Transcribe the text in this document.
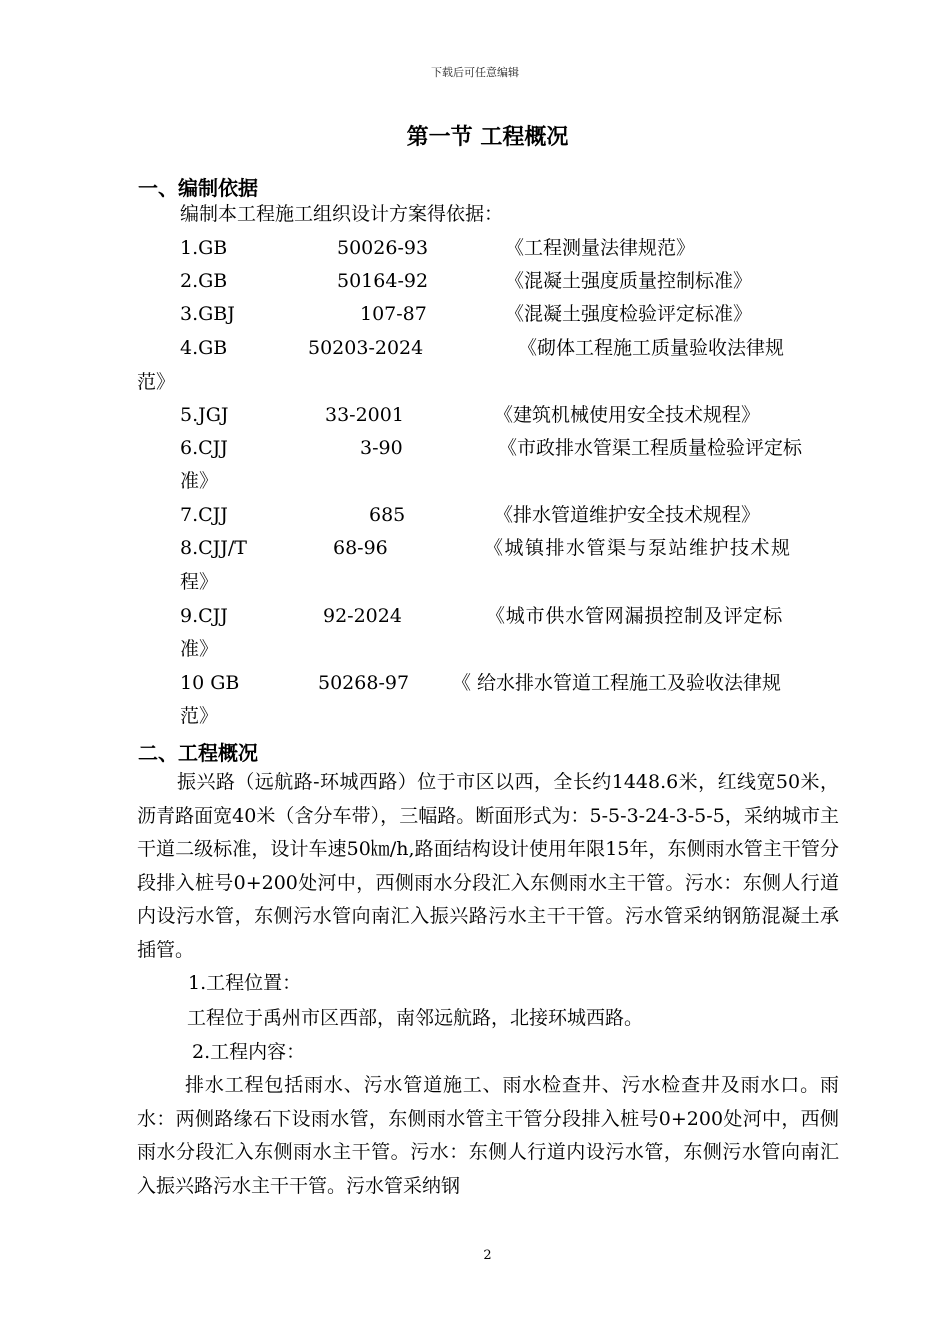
下载后可任意编辑
第一节 工程概况
一、编制依据
编制本工程施工组织设计方案得依据：
1.GB	50026-93	《工程测量法律规范》
2.GB	50164-92	《混凝土强度质量控制标准》
3.GBJ	107-87	《混凝土强度检验评定标准》
4.GB	50203-2024	《砌体工程施工质量验收法律规
范》
5.JGJ	33-2001	《建筑机械使用安全技术规程》
6.CJJ	3-90	《市政排水管渠工程质量检验评定标
准》
7.CJJ	685	《排水管道维护安全技术规程》
8.CJJ/T	68-96	《城镇排水管渠与泵站维护技术规
程》
9.CJJ	92-2024	《城市供水管网漏损控制及评定标
准》
10 GB	50268-97 《 给水排水管道工程施工及验收法律规
范》
二、工程概况
振兴路（远航路-环城西路）位于市区以西，全长约1448.6米，红线宽50米，沥青路面宽40米（含分车带），三幅路。断面形式为：5-5-3-24-3-5-5，采纳城市主干道二级标准，设计车速50㎞/h,路面结构设计使用年限15年，东侧雨水管主干管分段排入桩号0+200处河中，西侧雨水分段汇入东侧雨水主干管。污水：东侧人行道内设污水管，东侧污水管向南汇入振兴路污水主干干管。污水管采纳钢筋混凝土承插管。
1.工程位置：
工程位于禹州市区西部，南邻远航路，北接环城西路。
2.工程内容：
排水工程包括雨水、污水管道施工、雨水检查井、污水检查井及雨水口。雨水：两侧路缘石下设雨水管，东侧雨水管主干管分段排入桩号0+200处河中，西侧雨水分段汇入东侧雨水主干管。污水：东侧人行道内设污水管，东侧污水管向南汇入振兴路污水主干干管。污水管采纳钢
2
